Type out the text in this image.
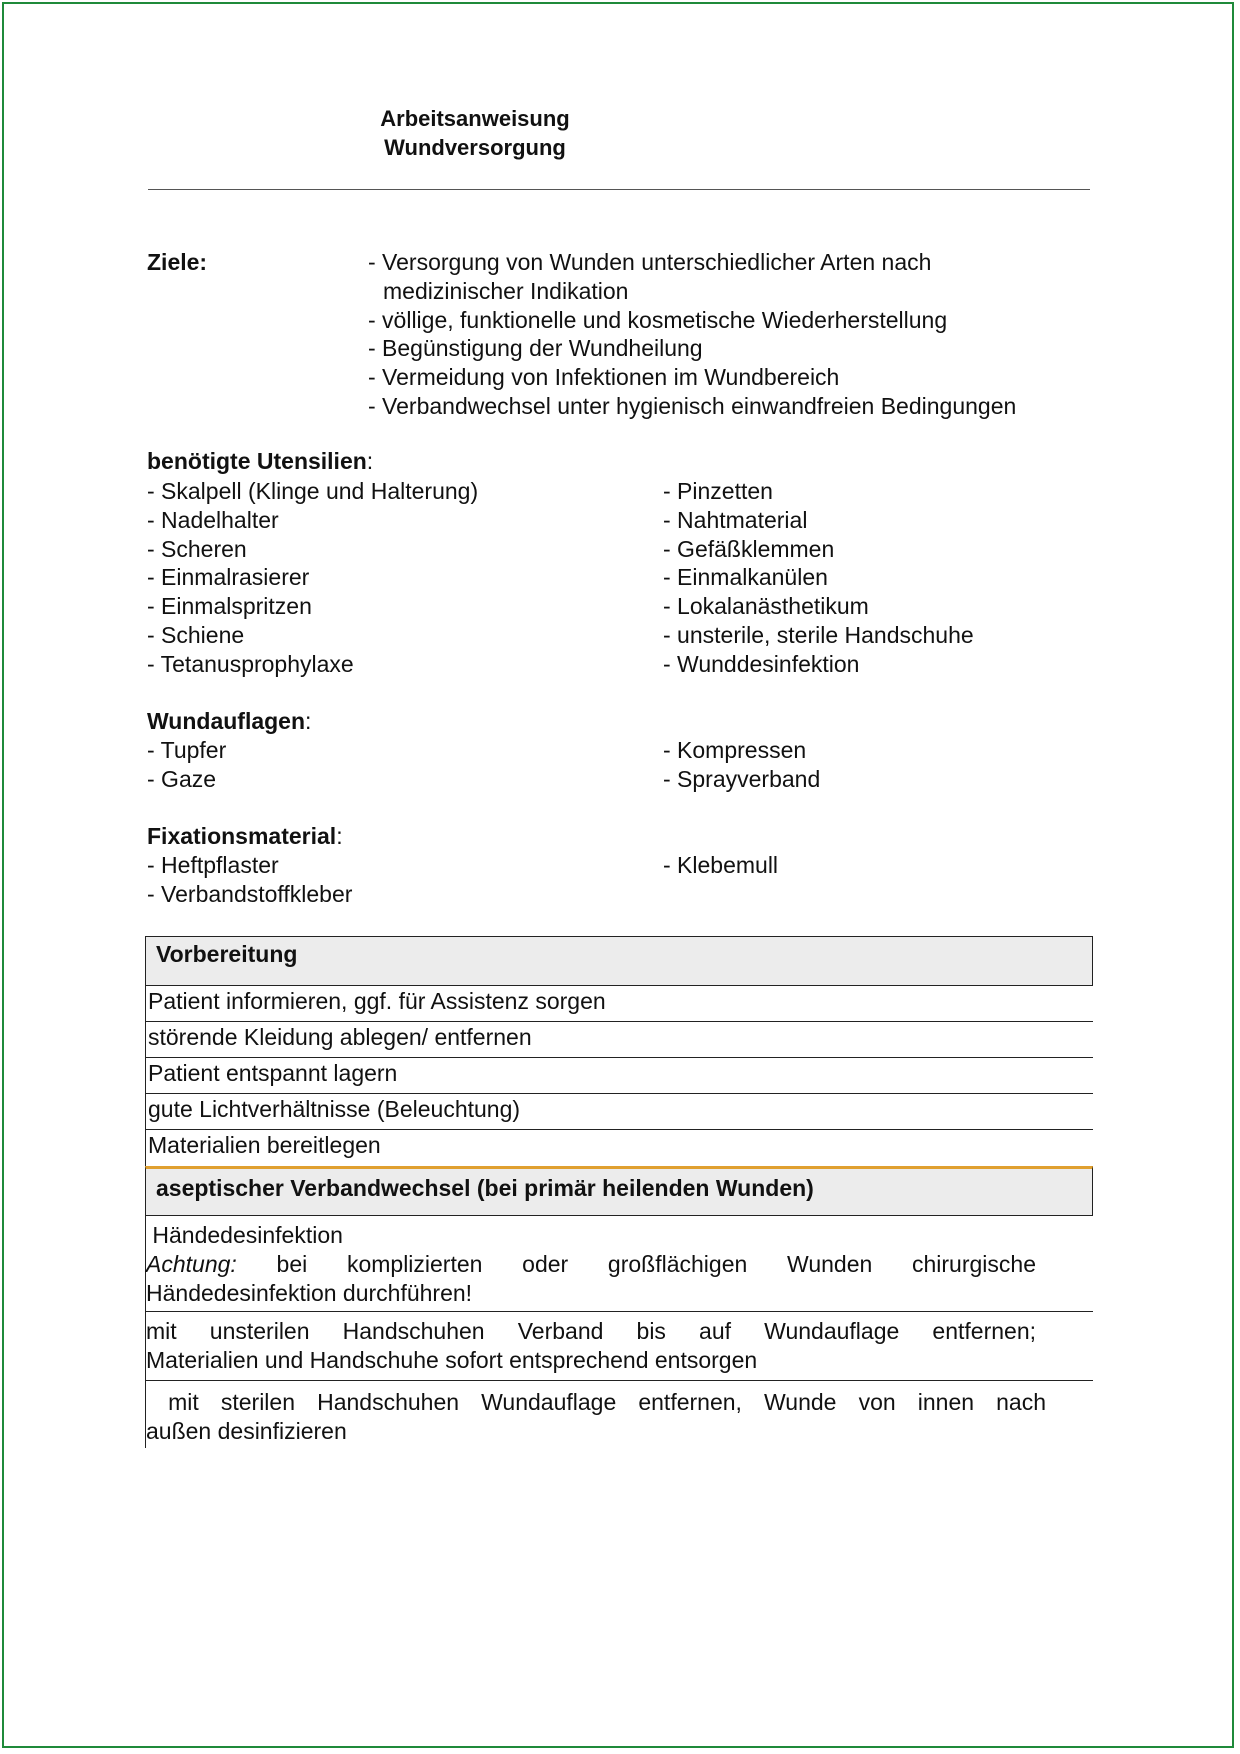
Arbeitsanweisung
Wundversorgung
Ziele:	- Versorgung von Wunden unterschiedlicher Arten nach
medizinischer Indikation
- völlige, funktionelle und kosmetische Wiederherstellung
- Begünstigung der Wundheilung
- Vermeidung von Infektionen im Wundbereich
- Verbandwechsel unter hygienisch einwandfreien Bedingungen
benötigte Utensilien:
- Skalpell (Klinge und Halterung)
- Nadelhalter
- Scheren
- Einmalrasierer
- Einmalspritzen
- Schiene
- Tetanusprophylaxe
- Pinzetten
- Nahtmaterial
- Gefäßklemmen
- Einmalkanülen
- Lokalanästhetikum
- unsterile, sterile Handschuhe
- Wunddesinfektion
Wundauflagen:
- Tupfer
- Gaze
- Kompressen
- Sprayverband
Fixationsmaterial:
- Heftpflaster
- Verbandstoffkleber
- Klebemull
Vorbereitung
Patient informieren, ggf. für Assistenz sorgen
störende Kleidung ablegen/ entfernen
Patient entspannt lagern
gute Lichtverhältnisse (Beleuchtung)
Materialien bereitlegen
aseptischer Verbandwechsel (bei primär heilenden Wunden)
Händedesinfektion
Achtung: bei komplizierten oder großflächigen Wunden chirurgische
Händedesinfektion durchführen!
mit unsterilen Handschuhen Verband bis auf Wundauflage entfernen;
Materialien und Handschuhe sofort entsprechend entsorgen
mit sterilen Handschuhen Wundauflage entfernen, Wunde von innen nach
außen desinfizieren
